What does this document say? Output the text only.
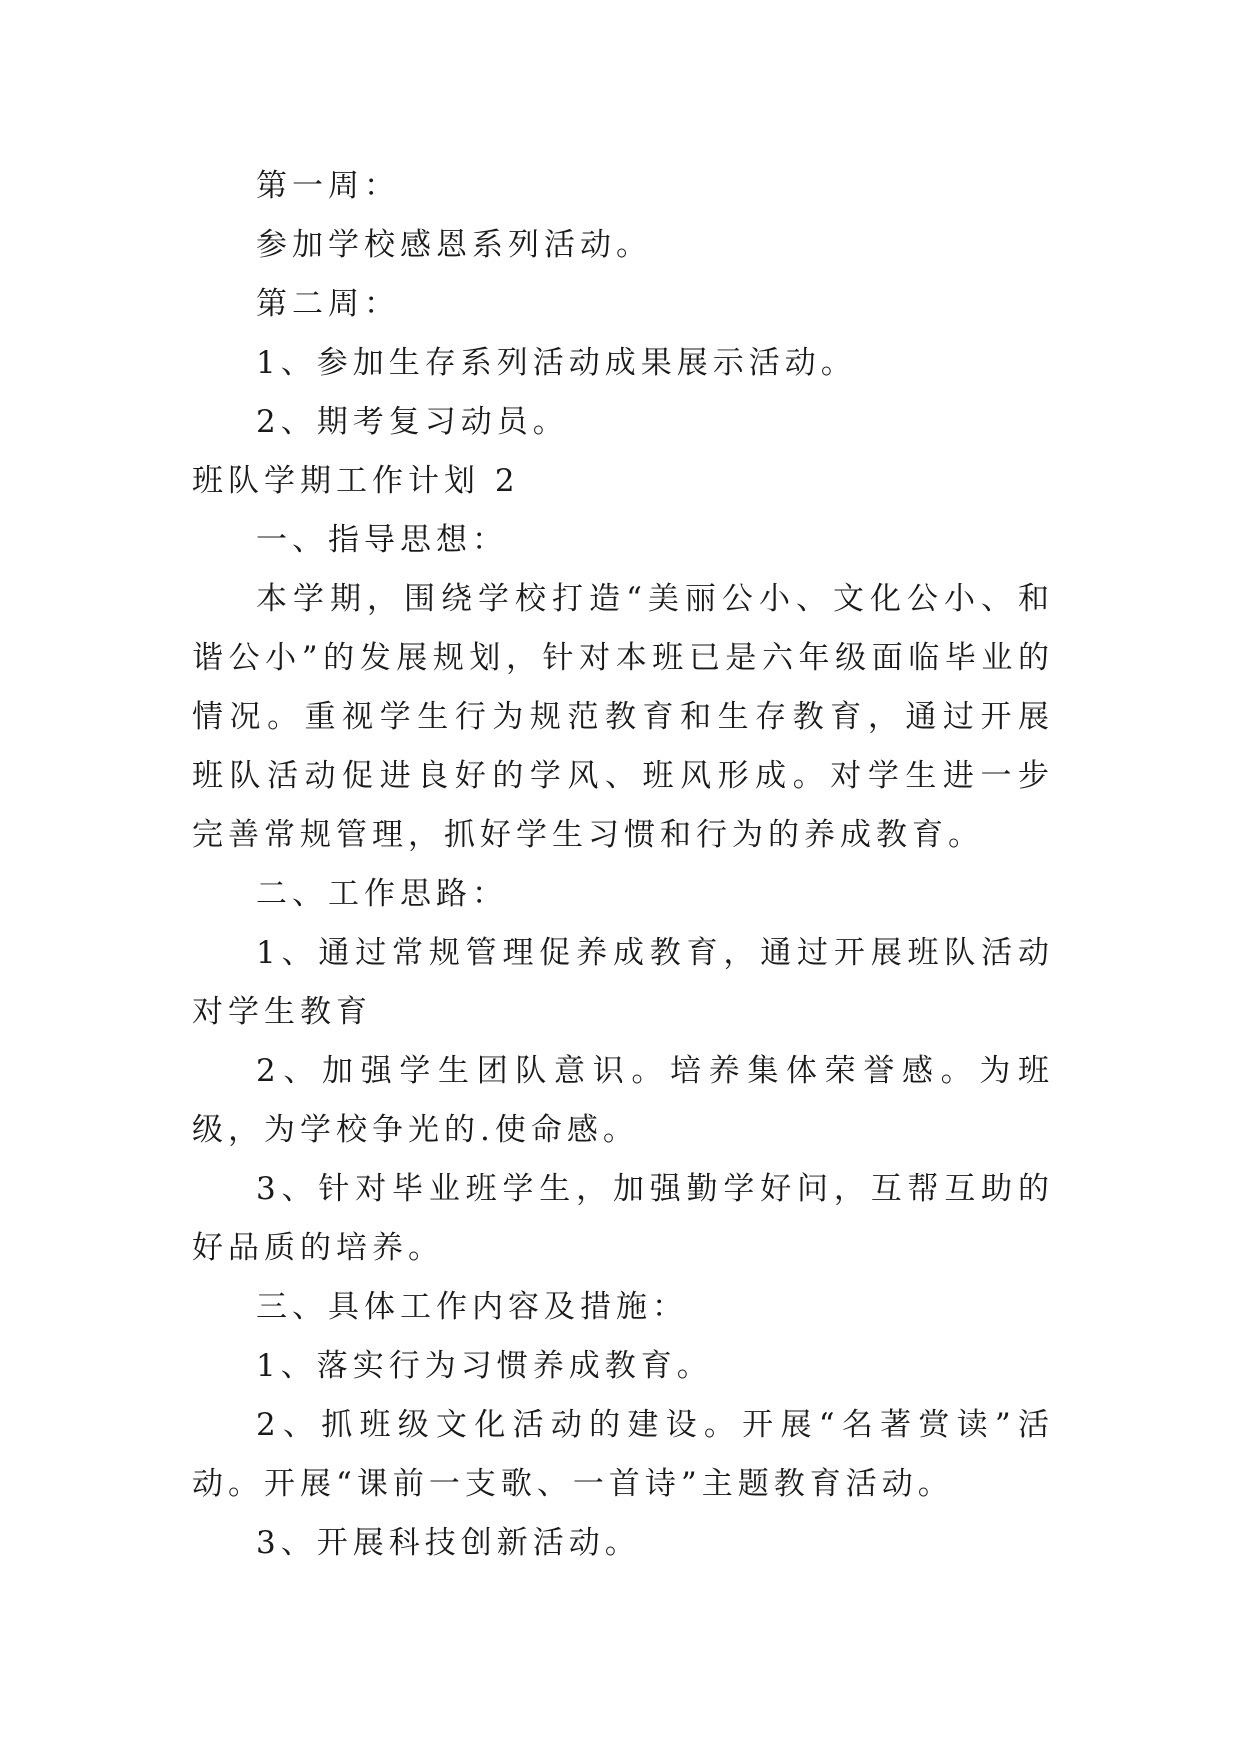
第一周：

参加学校感恩系列活动。

第二周：

1、参加生存系列活动成果展示活动。

2、期考复习动员。

班队学期工作计划 2

一、指导思想：

本学期，围绕学校打造“美丽公小、文化公小、和谐公小”的发展规划，针对本班已是六年级面临毕业的情况。重视学生行为规范教育和生存教育，通过开展班队活动促进良好的学风、班风形成。对学生进一步完善常规管理，抓好学生习惯和行为的养成教育。

二、工作思路：

1、通过常规管理促养成教育，通过开展班队活动对学生教育

2、加强学生团队意识。培养集体荣誉感。为班级，为学校争光的.使命感。

3、针对毕业班学生，加强勤学好问，互帮互助的好品质的培养。

三、具体工作内容及措施：

1、落实行为习惯养成教育。

2、抓班级文化活动的建设。开展“名著赏读”活动。开展“课前一支歌、一首诗”主题教育活动。

3、开展科技创新活动。
